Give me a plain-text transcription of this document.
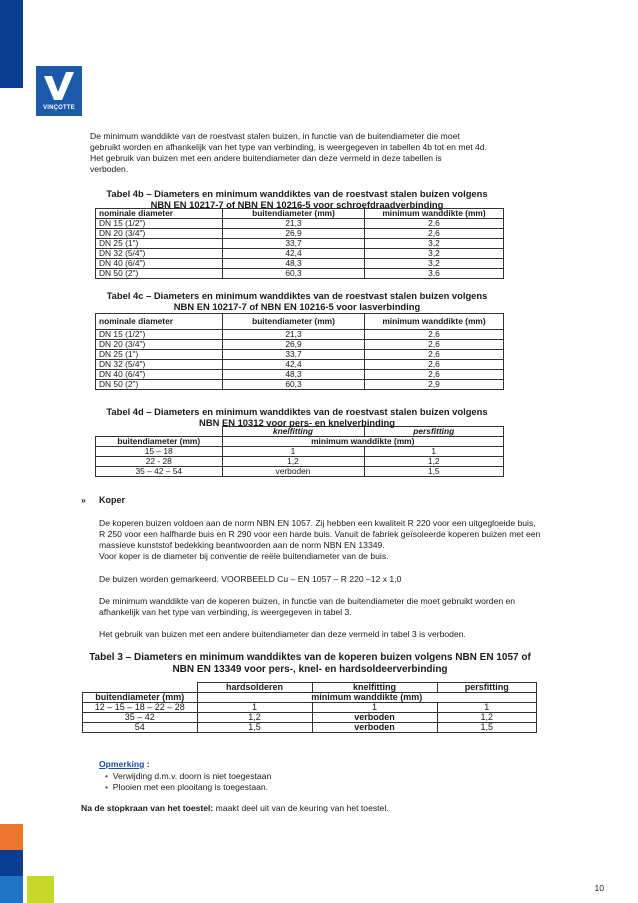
VINÇOTTE
De minimum wanddikte van de roestvast stalen buizen, in functie van de buitendiameter die moet
gebruikt worden en afhankelijk van het type van verbinding, is weergegeven in tabellen 4b tot en met 4d.
Het gebruik van buizen met een andere buitendiameter dan deze vermeld in deze tabellen is
verboden.
Tabel 4b – Diameters en minimum wanddiktes van de roestvast stalen buizen volgens
NBN EN 10217-7 of NBN EN 10216-5 voor schroefdraadverbinding
nominale diameter	buitendiameter (mm)	minimum wanddikte (mm)
DN 15 (1/2")	21,3	2,6
DN 20 (3/4")	26,9	2,6
DN 25 (1")	33,7	3,2
DN 32 (5/4")	42,4	3,2
DN 40 (6/4")	48,3	3,2
DN 50 (2")	60,3	3,6
Tabel 4c – Diameters en minimum wanddiktes van de roestvast stalen buizen volgens
NBN EN 10217-7 of NBN EN 10216-5 voor lasverbinding
nominale diameter	buitendiameter (mm)	minimum wanddikte (mm)
DN 15 (1/2")	21,3	2,6
DN 20 (3/4")	26,9	2,6
DN 25 (1")	33,7	2,6
DN 32 (5/4")	42,4	2,6
DN 40 (6/4")	48,3	2,6
DN 50 (2")	60,3	2,9
Tabel 4d – Diameters en minimum wanddiktes van de roestvast stalen buizen volgens
NBN EN 10312 voor pers- en knelverbinding
	knelfitting	persfitting
buitendiameter (mm)	minimum wanddikte (mm)	
15 – 18	1	1
22 - 28	1,2	1,2
35 – 42 – 54	verboden	1,5
» Koper
De koperen buizen voldoen aan de norm NBN EN 1057. Zij hebben een kwaliteit R 220 voor een uitgegloeide buis,
R 250 voor een halfharde buis en R 290 voor een harde buis. Vanuit de fabriek geïsoleerde koperen buizen met een
massieve kunststof bedekking beantwoorden aan de norm NBN EN 13349.
Voor koper is de diameter bij conventie de reële buitendiameter van de buis.
De buizen worden gemarkeerd. VOORBEELD Cu – EN 1057 – R 220 –12 x 1,0
De minimum wanddikte van de koperen buizen, in functie van de buitendiameter die moet gebruikt worden en
afhankelijk van het type van verbinding, is weergegeven in tabel 3.
Het gebruik van buizen met een andere buitendiameter dan deze vermeld in tabel 3 is verboden.
Tabel 3 – Diameters en minimum wanddiktes van de koperen buizen volgens NBN EN 1057 of
NBN EN 13349 voor pers-, knel- en hardsoldeerverbinding
	hardsolderen	knelfitting	persfitting
buitendiameter (mm)	minimum wanddikte (mm)		
12 – 15 – 18 – 22 – 28	1	1	1
35 – 42	1,2	verboden	1,2
54	1,5	verboden	1,5
Opmerking :
• Verwijding d.m.v. doorn is niet toegestaan
• Plooien met een plooitang is toegestaan.
Na de stopkraan van het toestel: maakt deel uit van de keuring van het toestel.
10
